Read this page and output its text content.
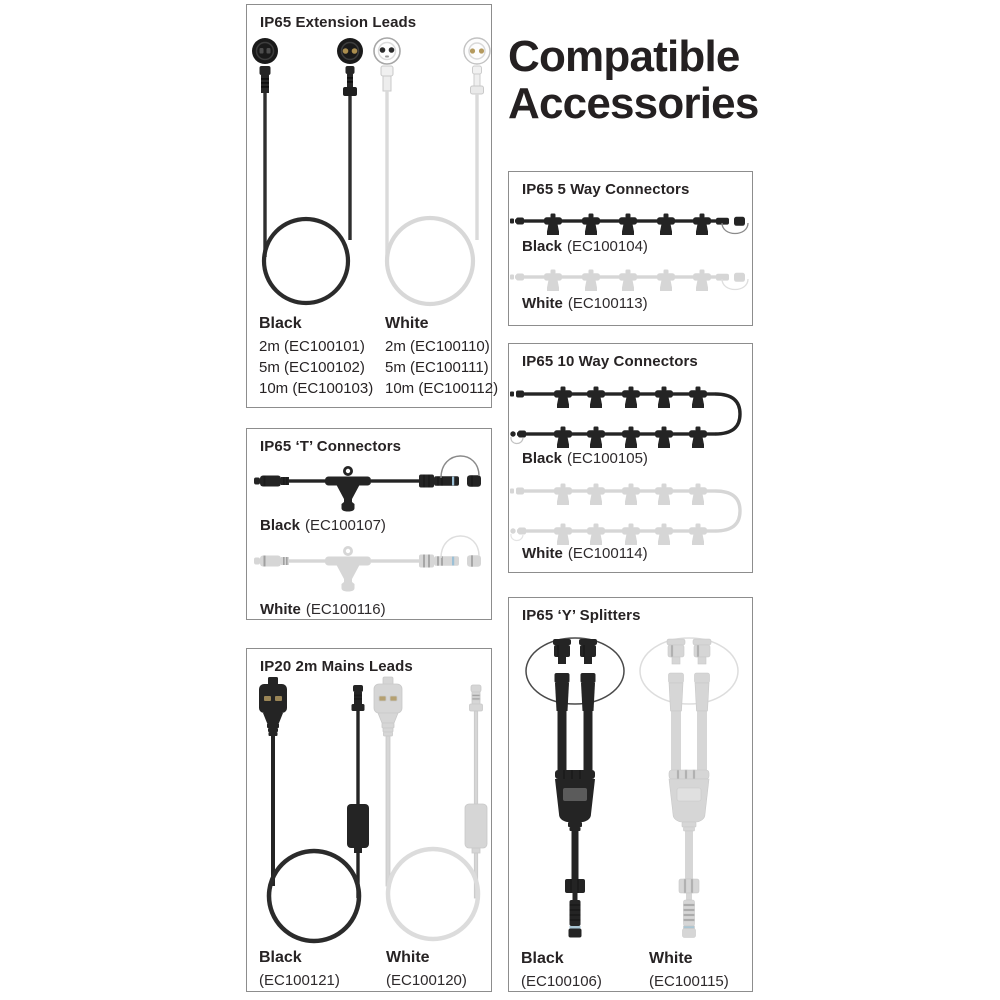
Compatible
Accessories
IP65 Extension Leads
Black
2m (EC100101)
5m (EC100102)
10m (EC100103)
White
2m (EC100110)
5m (EC100111)
10m (EC100112)
IP65 5 Way Connectors
Black (EC100104)
White (EC100113)
IP65 10 Way Connectors
Black (EC100105)
White (EC100114)
IP65 ‘T’ Connectors
Black (EC100107)
White (EC100116)
IP20 2m Mains Leads
Black
(EC100121)
White
(EC100120)
IP65 ‘Y’ Splitters
Black
(EC100106)
White
(EC100115)
